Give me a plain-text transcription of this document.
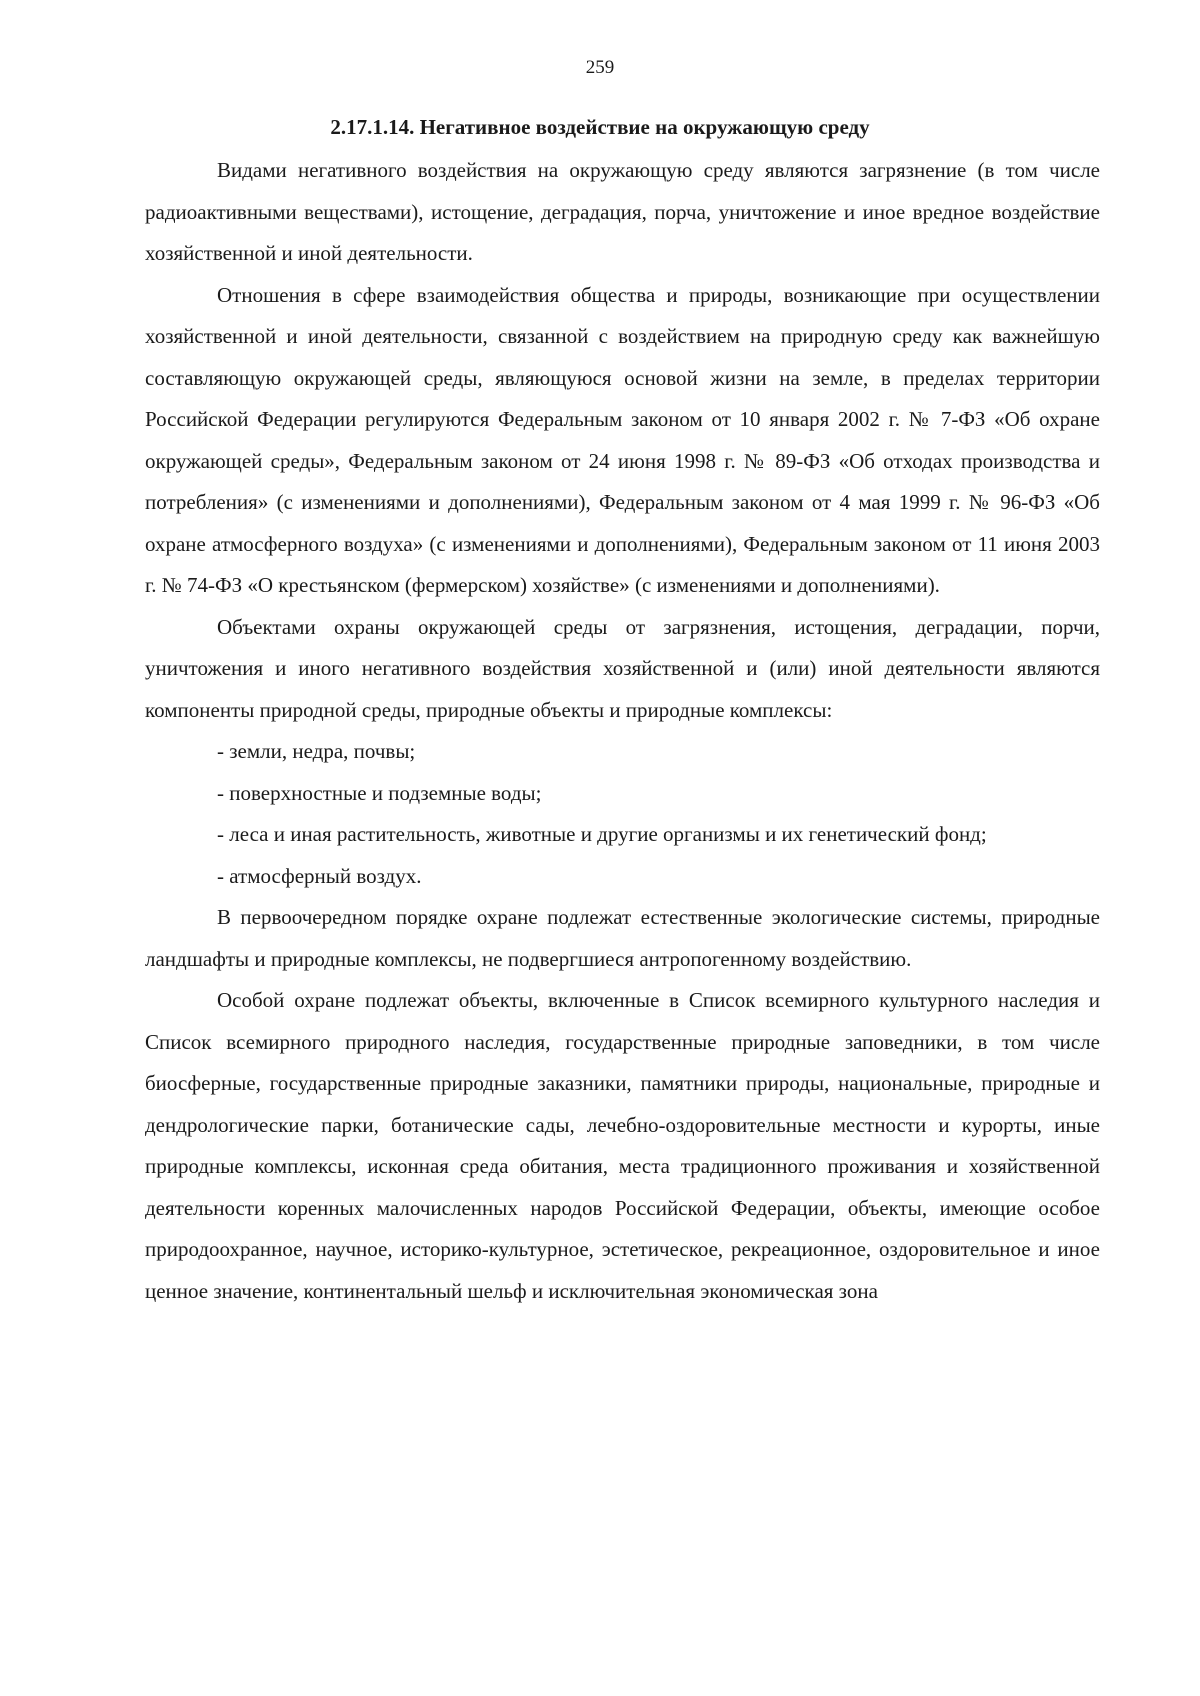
259
2.17.1.14. Негативное воздействие на окружающую среду

Видами негативного воздействия на окружающую среду являются загрязнение (в том числе радиоактивными веществами), истощение, деградация, порча, уничтожение и иное вредное воздействие хозяйственной и иной деятельности.

Отношения в сфере взаимодействия общества и природы, возникающие при осуществлении хозяйственной и иной деятельности, связанной с воздействием на природную среду как важнейшую составляющую окружающей среды, являющуюся основой жизни на земле, в пределах территории Российской Федерации регулируются Федеральным законом от 10 января 2002 г. № 7-ФЗ «Об охране окружающей среды», Федеральным законом от 24 июня 1998 г. № 89-ФЗ «Об отходах производства и потребления» (с изменениями и дополнениями), Федеральным законом от 4 мая 1999 г. № 96-ФЗ «Об охране атмосферного воздуха» (с изменениями и дополнениями), Федеральным законом от 11 июня 2003 г. № 74-ФЗ «О крестьянском (фермерском) хозяйстве» (с изменениями и дополнениями).

Объектами охраны окружающей среды от загрязнения, истощения, деградации, порчи, уничтожения и иного негативного воздействия хозяйственной и (или) иной деятельности являются компоненты природной среды, природные объекты и природные комплексы:

- земли, недра, почвы;

- поверхностные и подземные воды;

- леса и иная растительность, животные и другие организмы и их генетический фонд;

- атмосферный воздух.

В первоочередном порядке охране подлежат естественные экологические системы, природные ландшафты и природные комплексы, не подвергшиеся антропогенному воздействию.

Особой охране подлежат объекты, включенные в Список всемирного культурного наследия и Список всемирного природного наследия, государственные природные заповедники, в том числе биосферные, государственные природные заказники, памятники природы, национальные, природные и дендрологические парки, ботанические сады, лечебно-оздоровительные местности и курорты, иные природные комплексы, исконная среда обитания, места традиционного проживания и хозяйственной деятельности коренных малочисленных народов Российской Федерации, объекты, имеющие особое природоохранное, научное, историко-культурное, эстетическое, рекреационное, оздоровительное и иное ценное значение, континентальный шельф и исключительная экономическая зона
